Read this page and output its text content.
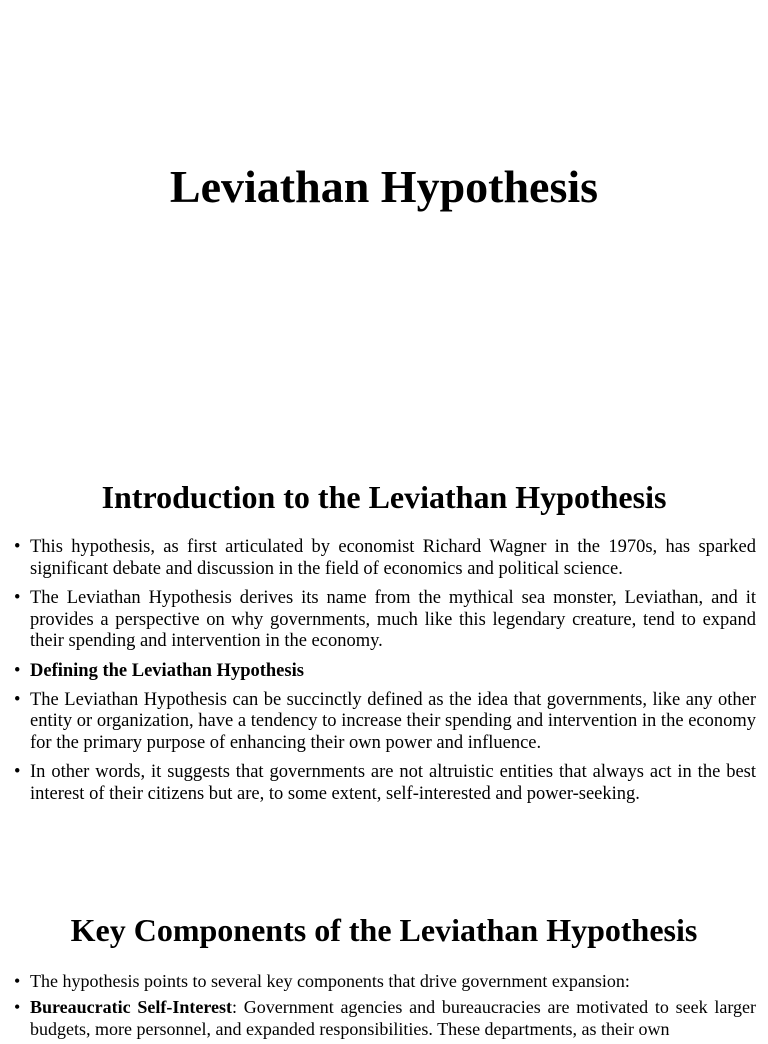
Leviathan Hypothesis
Introduction to the Leviathan Hypothesis
• This hypothesis, as first articulated by economist Richard Wagner in the 1970s, has sparked significant debate and discussion in the field of economics and political science.
• The Leviathan Hypothesis derives its name from the mythical sea monster, Leviathan, and it provides a perspective on why governments, much like this legendary creature, tend to expand their spending and intervention in the economy.
• Defining the Leviathan Hypothesis
• The Leviathan Hypothesis can be succinctly defined as the idea that governments, like any other entity or organization, have a tendency to increase their spending and intervention in the economy for the primary purpose of enhancing their own power and influence.
• In other words, it suggests that governments are not altruistic entities that always act in the best interest of their citizens but are, to some extent, self-interested and power-seeking.
Key Components of the Leviathan Hypothesis
• The hypothesis points to several key components that drive government expansion:
• Bureaucratic Self-Interest: Government agencies and bureaucracies are motivated to seek larger budgets, more personnel, and expanded responsibilities. These departments, as their own
